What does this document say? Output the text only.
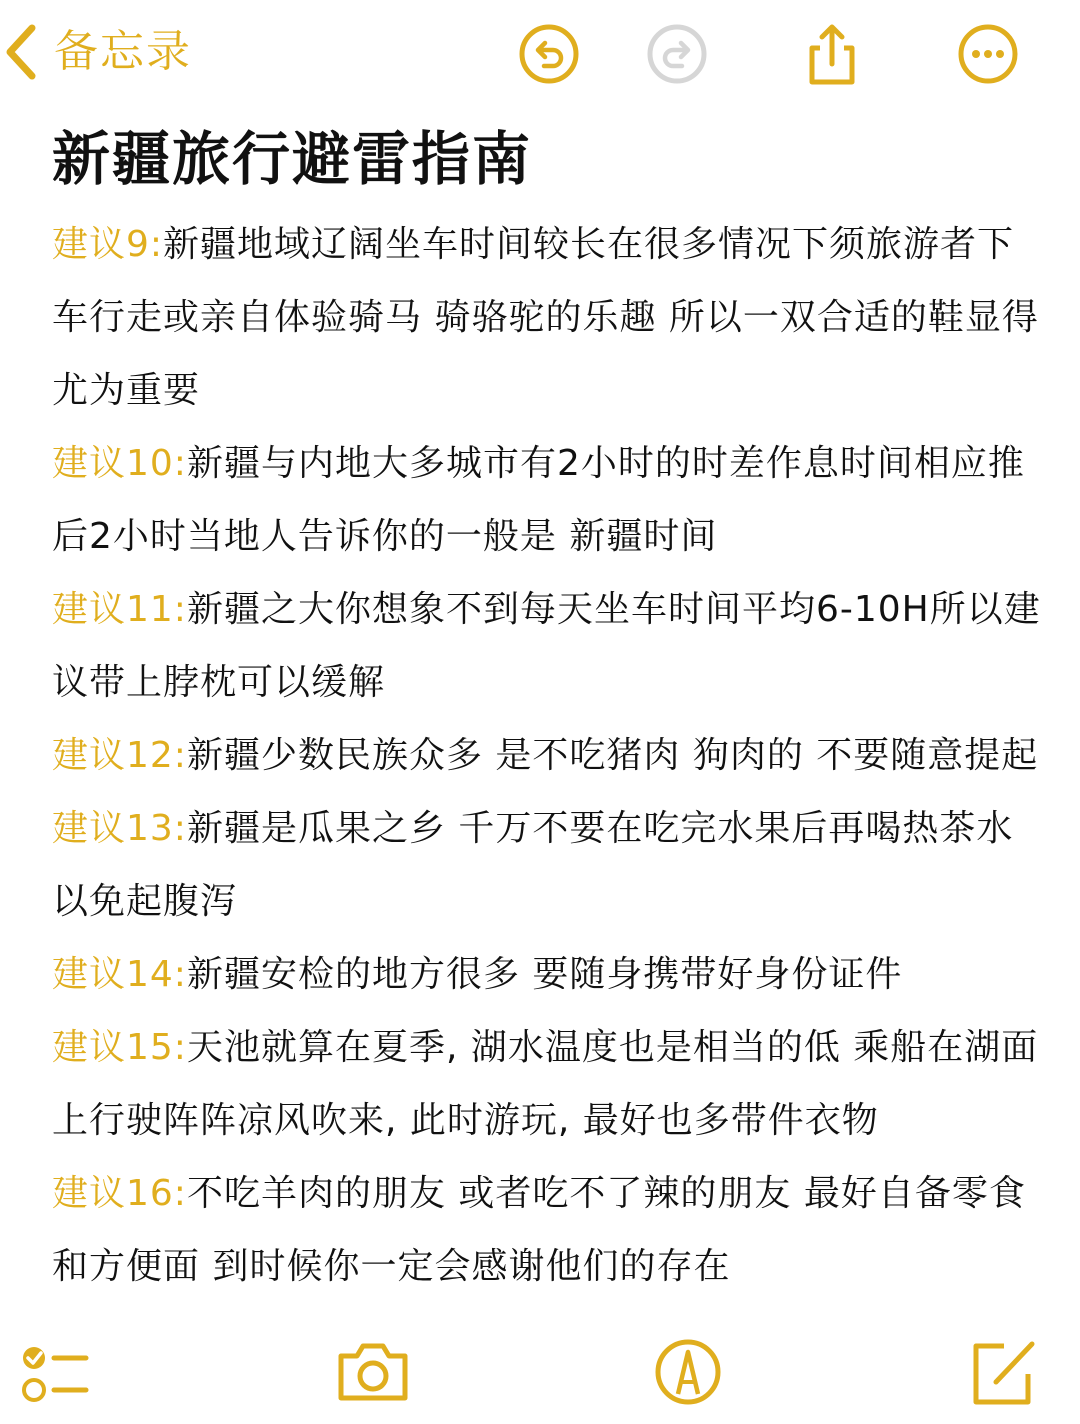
备忘录
新疆旅行避雷指南

建议9:新疆地域辽阔坐车时间较长在很多情况下须旅游者下车行走或亲自体验骑马 骑骆驼的乐趣 所以一双合适的鞋显得尤为重要

建议10:新疆与内地大多城市有2小时的时差作息时间相应推后2小时当地人告诉你的一般是 新疆时间

建议11:新疆之大你想象不到每天坐车时间平均6-10H所以建议带上脖枕可以缓解

建议12:新疆少数民族众多 是不吃猪肉 狗肉的 不要随意提起

建议13:新疆是瓜果之乡 千万不要在吃完水果后再喝热茶水以免起腹泻

建议14:新疆安检的地方很多 要随身携带好身份证件

建议15:天池就算在夏季, 湖水温度也是相当的低 乘船在湖面上行驶阵阵凉风吹来, 此时游玩, 最好也多带件衣物

建议16:不吃羊肉的朋友 或者吃不了辣的朋友 最好自备零食和方便面 到时候你一定会感谢他们的存在
